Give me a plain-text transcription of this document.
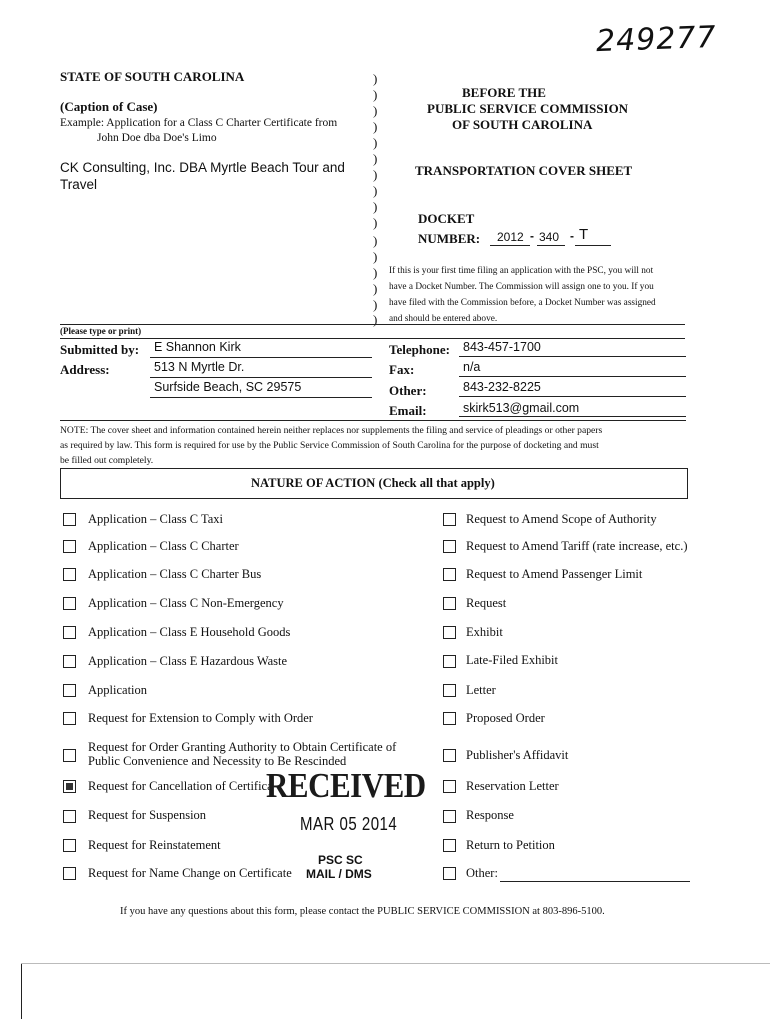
249277
STATE OF SOUTH CAROLINA
(Caption of Case)
Example: Application for a Class C Charter Certificate from
John Doe dba Doe's Limo
CK Consulting, Inc. DBA Myrtle Beach Tour and
Travel
)
)
)
)
)
)
)
)
)
)
)
)
)
)
)
)
BEFORE THE
PUBLIC SERVICE COMMISSION
OF SOUTH CAROLINA
TRANSPORTATION COVER SHEET
DOCKET
NUMBER: 2012 - 340 - T
If this is your first time filing an application with the PSC, you will not
have a Docket Number. The Commission will assign one to you. If you
have filed with the Commission before, a Docket Number was assigned
and should be entered above.
(Please type or print)
Submitted by: E Shannon Kirk
Address:	513 N Myrtle Dr.
Surfside Beach, SC 29575
Telephone: 843-457-1700
Fax:	n/a
Other:	843-232-8225
Email:	skirk513@gmail.com
NOTE: The cover sheet and information contained herein neither replaces nor supplements the filing and service of pleadings or other papers
as required by law. This form is required for use by the Public Service Commission of South Carolina for the purpose of docketing and must
be filled out completely.
NATURE OF ACTION (Check all that apply)
Application – Class C Taxi
Application – Class C Charter
Application – Class C Charter Bus
Application – Class C Non-Emergency
Application – Class E Household Goods
Application – Class E Hazardous Waste
Application
Request for Extension to Comply with Order
Request for Order Granting Authority to Obtain Certificate of
Public Convenience and Necessity to Be Rescinded
Request for Cancellation of Certifica
Request for Suspension
Request for Reinstatement
Request for Name Change on Certificate
Request to Amend Scope of Authority
Request to Amend Tariff (rate increase, etc.)
Request to Amend Passenger Limit
Request
Exhibit
Late-Filed Exhibit
Letter
Proposed Order
Publisher's Affidavit
Reservation Letter
Response
Return to Petition
Other:
RECEIVED
MAR 05 2014
PSC SC
MAIL / DMS
If you have any questions about this form, please contact the PUBLIC SERVICE COMMISSION at 803-896-5100.
